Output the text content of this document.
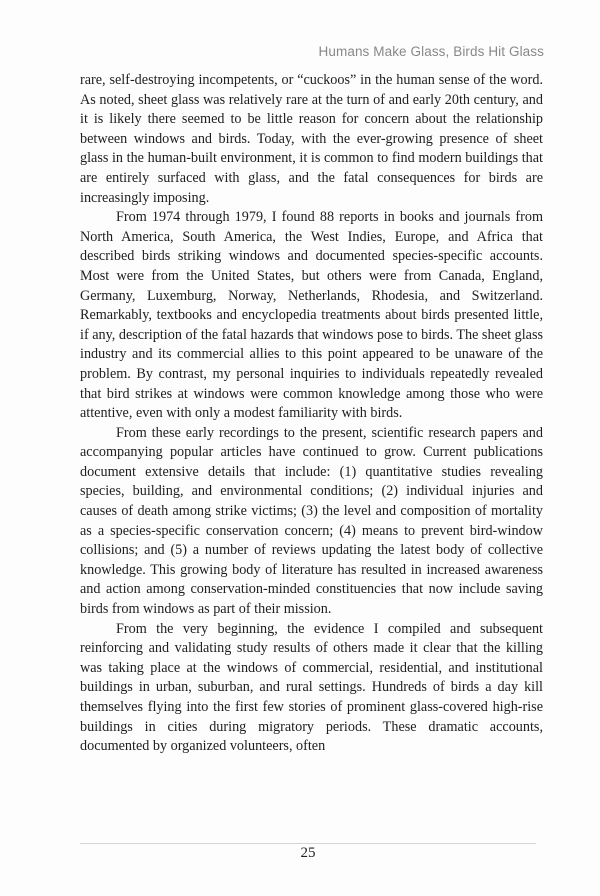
Humans Make Glass, Birds Hit Glass

rare, self-destroying incompetents, or “cuckoos” in the human sense of the word. As noted, sheet glass was relatively rare at the turn of and early 20th century, and it is likely there seemed to be little reason for concern about the relationship between windows and birds. Today, with the ever-growing presence of sheet glass in the human-built environment, it is common to find modern buildings that are entirely surfaced with glass, and the fatal consequences for birds are increasingly imposing.

From 1974 through 1979, I found 88 reports in books and journals from North America, South America, the West Indies, Europe, and Africa that described birds striking windows and documented species-specific accounts. Most were from the United States, but others were from Canada, England, Germany, Luxemburg, Norway, Netherlands, Rhodesia, and Switzerland. Remarkably, textbooks and encyclopedia treatments about birds presented little, if any, description of the fatal hazards that windows pose to birds. The sheet glass industry and its commercial allies to this point appeared to be unaware of the problem. By contrast, my personal inquiries to individuals repeatedly revealed that bird strikes at windows were common knowledge among those who were attentive, even with only a modest familiarity with birds.

From these early recordings to the present, scientific research papers and accompanying popular articles have continued to grow. Current publications document extensive details that include: (1) quantitative studies revealing species, building, and environmental conditions; (2) individual injuries and causes of death among strike victims; (3) the level and composition of mortality as a species-specific conservation concern; (4) means to prevent bird-window collisions; and (5) a number of reviews updating the latest body of collective knowledge. This growing body of literature has resulted in increased awareness and action among conservation-minded constituencies that now include saving birds from windows as part of their mission.

From the very beginning, the evidence I compiled and subsequent reinforcing and validating study results of others made it clear that the killing was taking place at the windows of commercial, residential, and institutional buildings in urban, suburban, and rural settings. Hundreds of birds a day kill themselves flying into the first few stories of prominent glass-covered high-rise buildings in cities during migratory periods. These dramatic accounts, documented by organized volunteers, often

25
